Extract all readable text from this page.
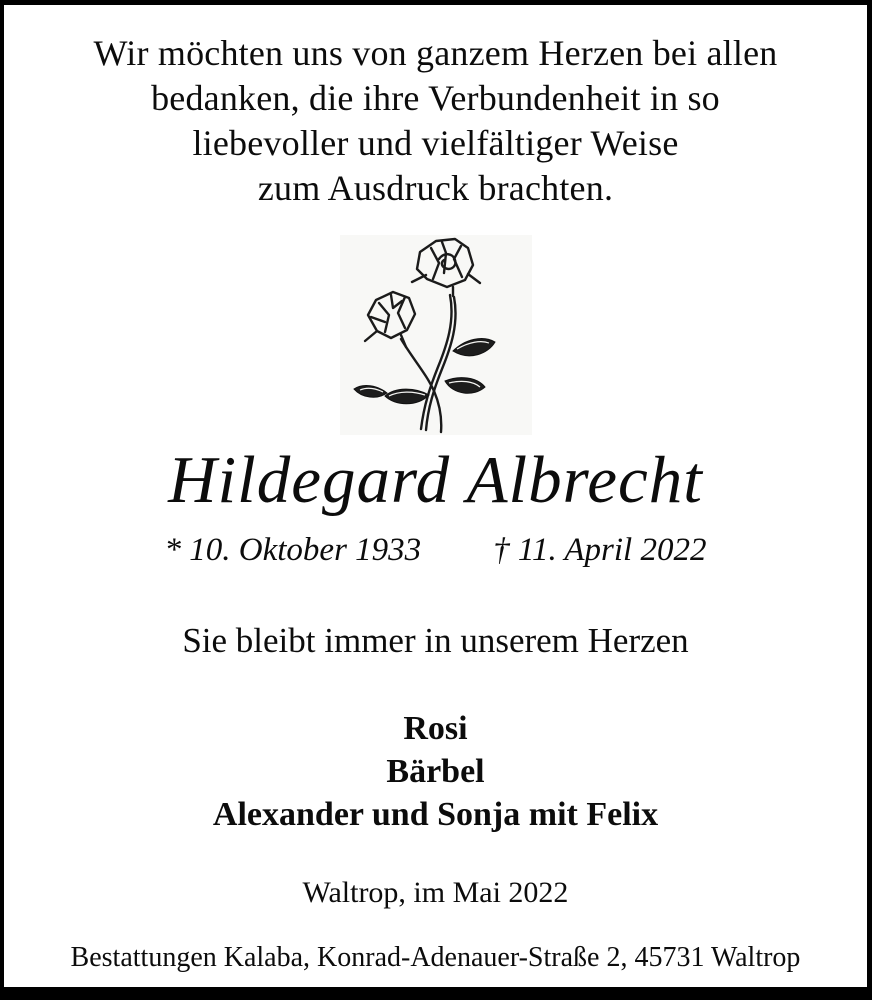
Wir möchten uns von ganzem Herzen bei allen
bedanken, die ihre Verbundenheit in so
liebevoller und vielfältiger Weise
zum Ausdruck brachten.
Hildegard Albrecht
* 10. Oktober 1933 † 11. April 2022
Sie bleibt immer in unserem Herzen
Rosi
Bärbel
Alexander und Sonja mit Felix
Waltrop, im Mai 2022
Bestattungen Kalaba, Konrad-Adenauer-Straße 2, 45731 Waltrop
